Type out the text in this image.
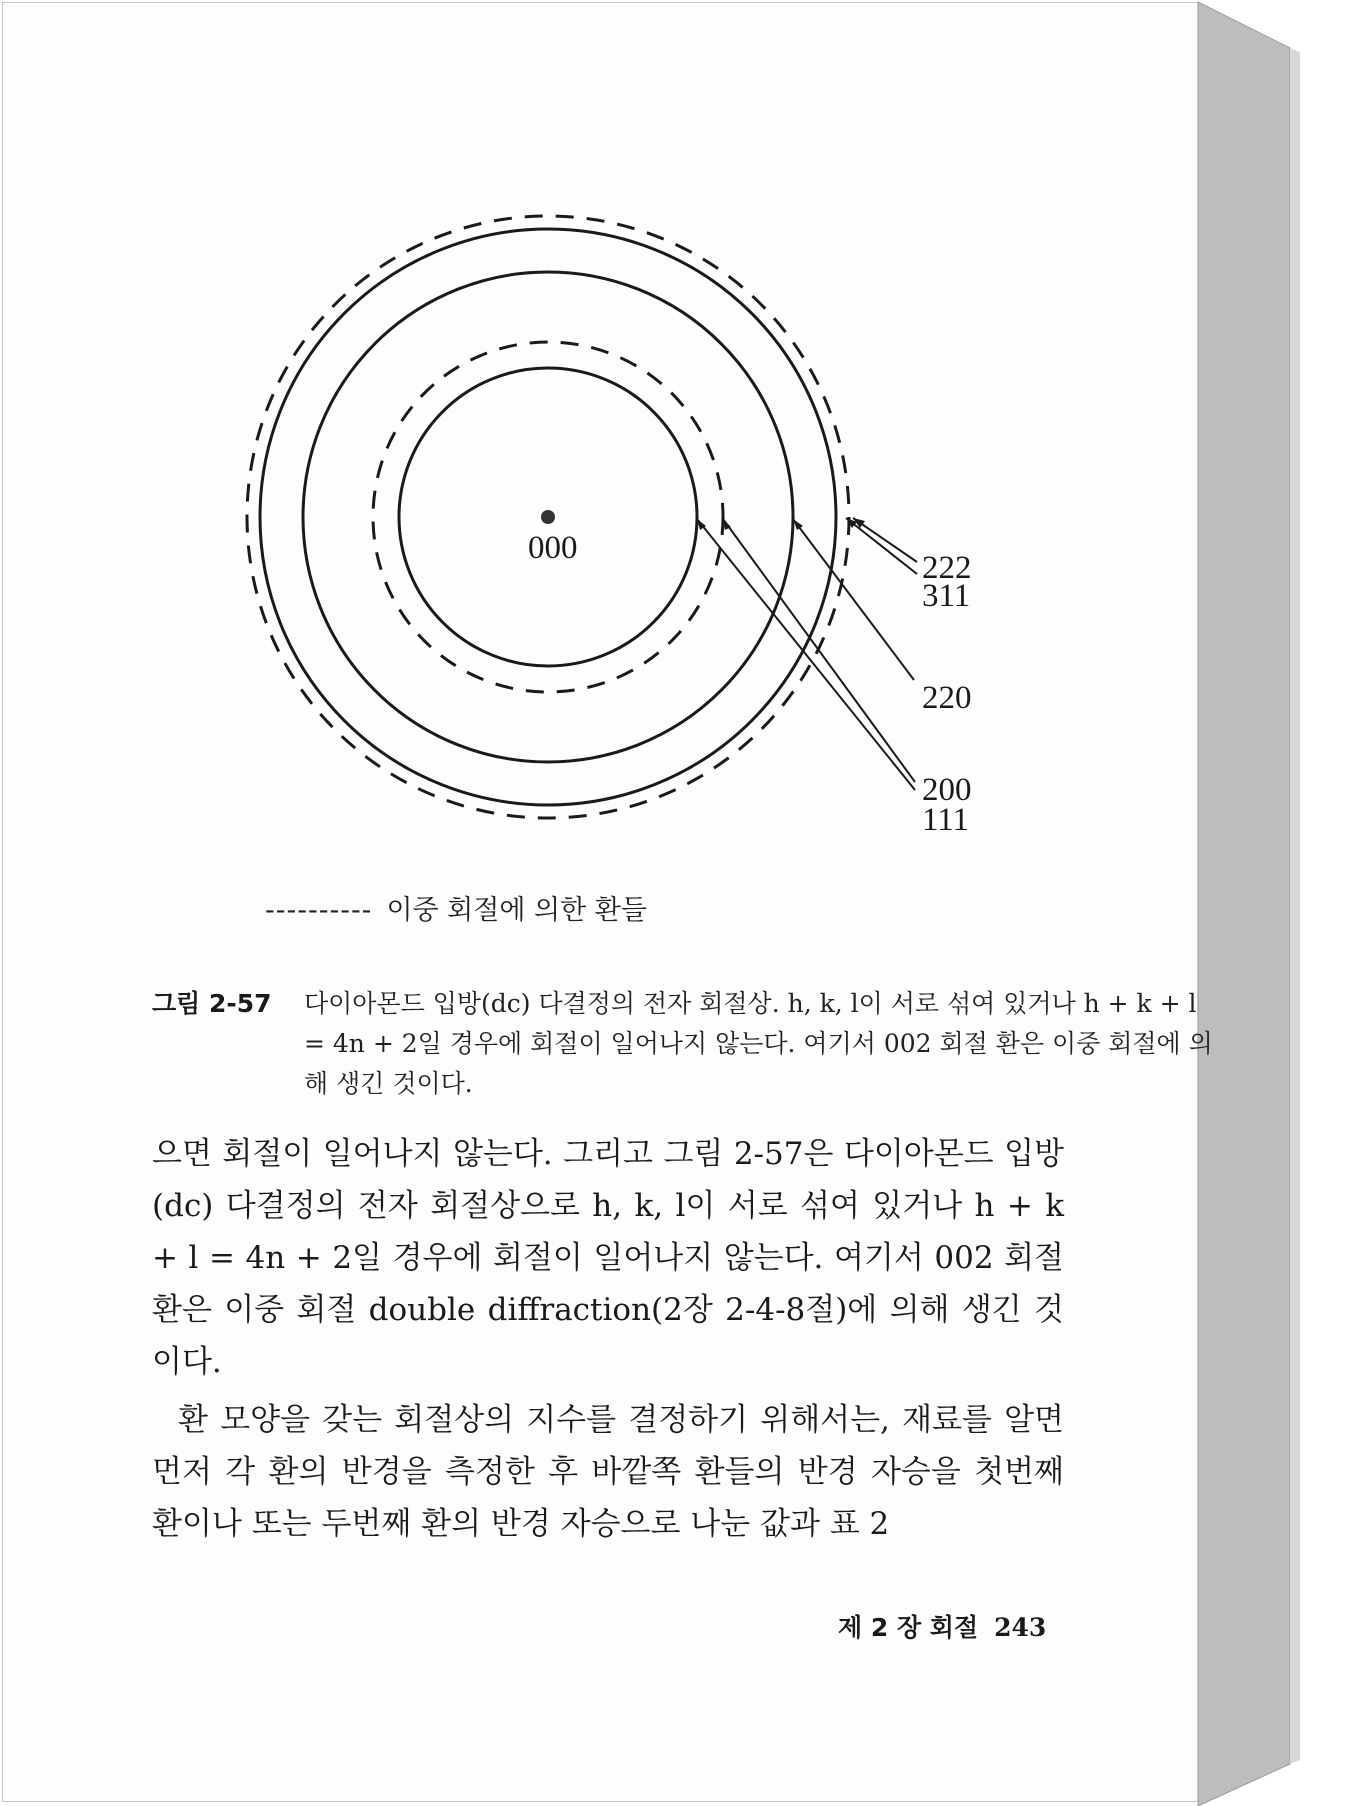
000
222
311
220
200
111
---------- 이중 회절에 의한 환들
그림 2-57 다이아몬드 입방(dc) 다결정의 전자 회절상. h, k, l이 서로 섞여 있거나 h + k + l = 4n + 2일 경우에 회절이 일어나지 않는다. 여기서 002 회절 환은 이중 회절에 의해 생긴 것이다.

으면 회절이 일어나지 않는다. 그리고 그림 2-57은 다이아몬드 입방(dc) 다결정의 전자 회절상으로 h, k, l이 서로 섞여 있거나 h + k + l = 4n + 2일 경우에 회절이 일어나지 않는다. 여기서 002 회절 환은 이중 회절 double diffraction(2장 2-4-8절)에 의해 생긴 것이다.

환 모양을 갖는 회절상의 지수를 결정하기 위해서는, 재료를 알면 먼저 각 환의 반경을 측정한 후 바깥쪽 환들의 반경 자승을 첫번째 환이나 또는 두번째 환의 반경 자승으로 나눈 값과 표 2

제 2 장 회절 243
